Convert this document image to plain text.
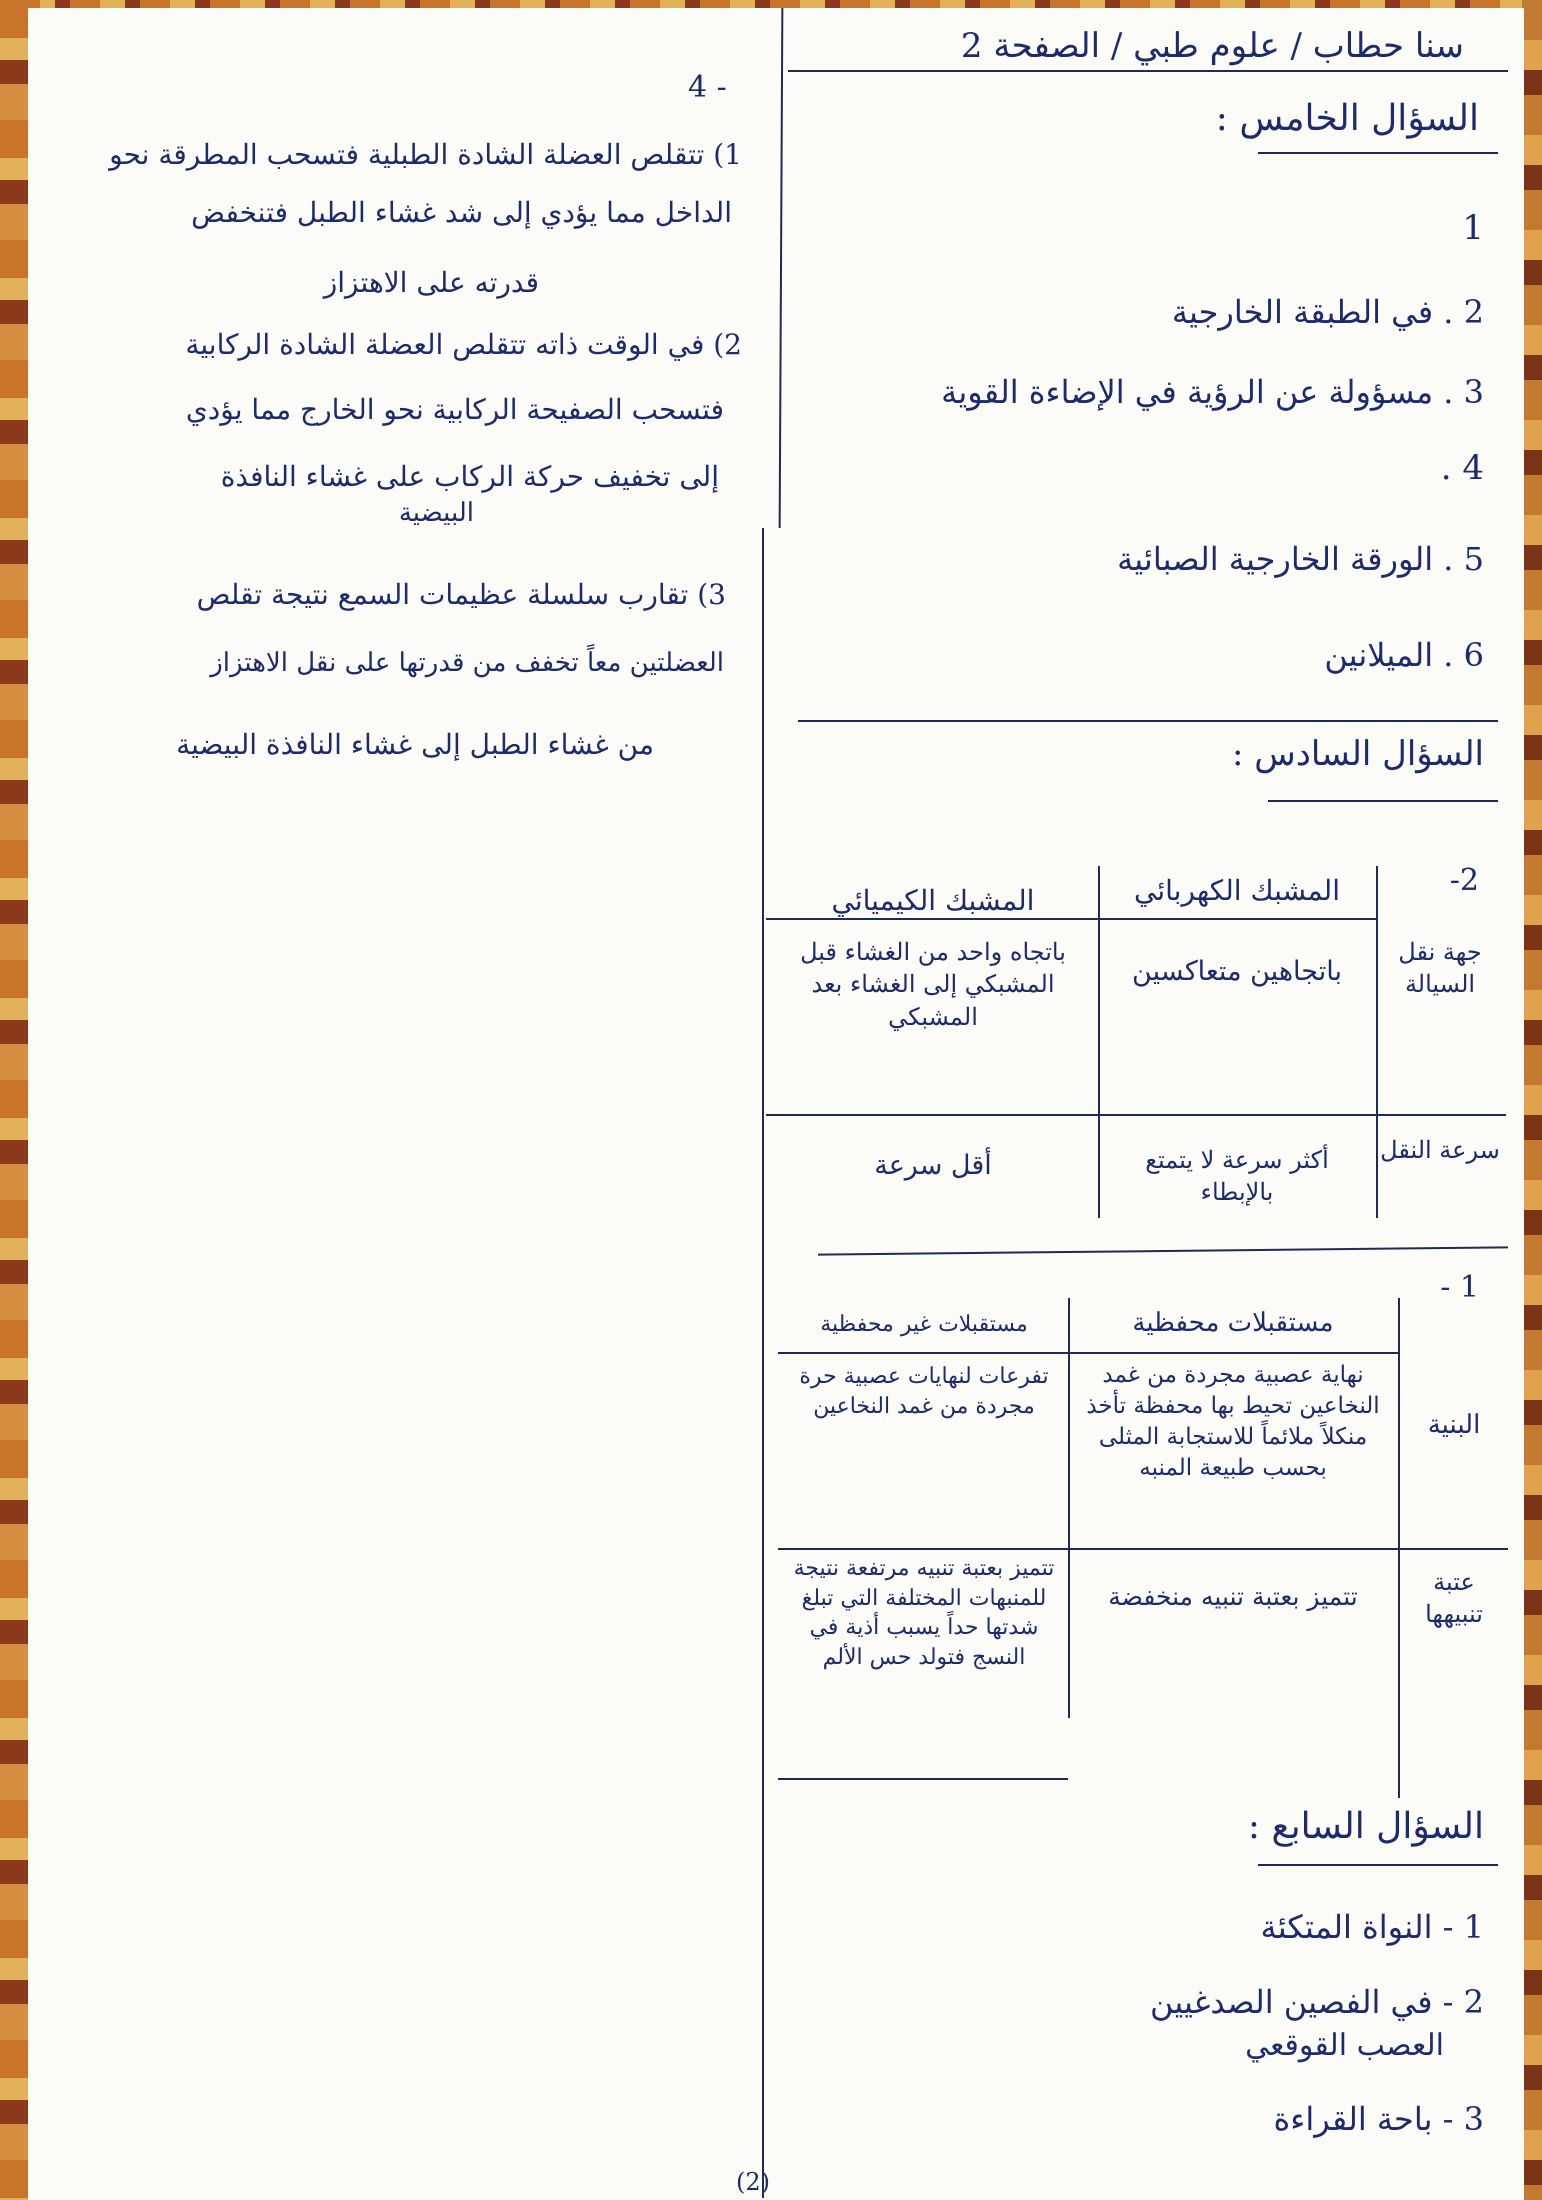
سنا حطاب / علوم طبي / الصفحة 2
السؤال الخامس :
1
2 . في الطبقة الخارجية
3 . مسؤولة عن الرؤية في الإضاءة القوية
4 .
5 . الورقة الخارجية الصبائية
6 . الميلانين
السؤال السادس :
2-
المشبك الكهربائي
المشبك الكيميائي
جهة نقل السيالة
باتجاهين متعاكسين
باتجاه واحد من الغشاء قبل المشبكي إلى الغشاء بعد المشبكي
سرعة النقل
أكثر سرعة لا يتمتع بالإبطاء
أقل سرعة
1 -
مستقبلات محفظية
مستقبلات غير محفظية
البنية
نهاية عصبية مجردة من غمد النخاعين تحيط بها محفظة تأخذ منكلاً ملائماً للاستجابة المثلى بحسب طبيعة المنبه
تفرعات لنهايات عصبية حرة مجردة من غمد النخاعين
عتبة تنبيهها
تتميز بعتبة تنبيه منخفضة
تتميز بعتبة تنبيه مرتفعة نتيجة للمنبهات المختلفة التي تبلغ شدتها حداً يسبب أذية في النسج فتولد حس الألم
السؤال السابع :
1 - النواة المتكئة
2 - في الفصين الصدغيين
العصب القوقعي
3 - باحة القراءة
4 -
1) تتقلص العضلة الشادة الطبلية فتسحب المطرقة نحو
الداخل مما يؤدي إلى شد غشاء الطبل فتنخفض
قدرته على الاهتزاز
2) في الوقت ذاته تتقلص العضلة الشادة الركابية
فتسحب الصفيحة الركابية نحو الخارج مما يؤدي
إلى تخفيف حركة الركاب على غشاء النافذة
البيضية
3) تقارب سلسلة عظيمات السمع نتيجة تقلص
العضلتين معاً تخفف من قدرتها على نقل الاهتزاز
من غشاء الطبل إلى غشاء النافذة البيضية
(2)
